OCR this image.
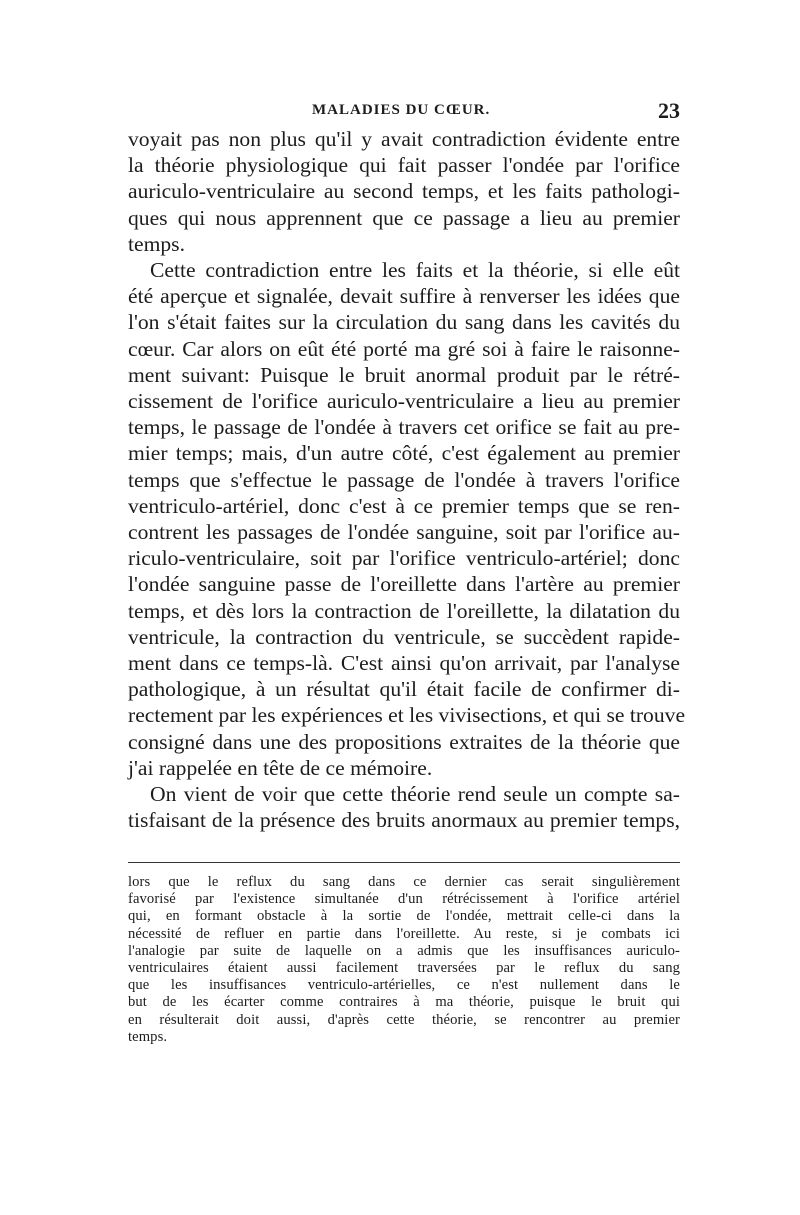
MALADIES DU CŒUR.	23
voyait pas non plus qu'il y avait contradiction évidente entre
la théorie physiologique qui fait passer l'ondée par l'orifice
auriculo-ventriculaire au second temps, et les faits pathologi-
ques qui nous apprennent que ce passage a lieu au premier
temps.
Cette contradiction entre les faits et la théorie, si elle eût
été aperçue et signalée, devait suffire à renverser les idées que
l'on s'était faites sur la circulation du sang dans les cavités du
cœur. Car alors on eût été porté ma gré soi à faire le raisonne-
ment suivant: Puisque le bruit anormal produit par le rétré-
cissement de l'orifice auriculo-ventriculaire a lieu au premier
temps, le passage de l'ondée à travers cet orifice se fait au pre-
mier temps; mais, d'un autre côté, c'est également au premier
temps que s'effectue le passage de l'ondée à travers l'orifice
ventriculo-artériel, donc c'est à ce premier temps que se ren-
contrent les passages de l'ondée sanguine, soit par l'orifice au-
riculo-ventriculaire, soit par l'orifice ventriculo-artériel; donc
l'ondée sanguine passe de l'oreillette dans l'artère au premier
temps, et dès lors la contraction de l'oreillette, la dilatation du
ventricule, la contraction du ventricule, se succèdent rapide-
ment dans ce temps-là. C'est ainsi qu'on arrivait, par l'analyse
pathologique, à un résultat qu'il était facile de confirmer di-
rectement par les expériences et les vivisections, et qui se trouve
consigné dans une des propositions extraites de la théorie que
j'ai rappelée en tête de ce mémoire.
On vient de voir que cette théorie rend seule un compte sa-
tisfaisant de la présence des bruits anormaux au premier temps,
lors que le reflux du sang dans ce dernier cas serait singulièrement
favorisé par l'existence simultanée d'un rétrécissement à l'orifice artériel
qui, en formant obstacle à la sortie de l'ondée, mettrait celle-ci dans la
nécessité de refluer en partie dans l'oreillette. Au reste, si je combats ici
l'analogie par suite de laquelle on a admis que les insuffisances auriculo-
ventriculaires étaient aussi facilement traversées par le reflux du sang
que les insuffisances ventriculo-artérielles, ce n'est nullement dans le
but de les écarter comme contraires à ma théorie, puisque le bruit qui
en résulterait doit aussi, d'après cette théorie, se rencontrer au premier
temps.
